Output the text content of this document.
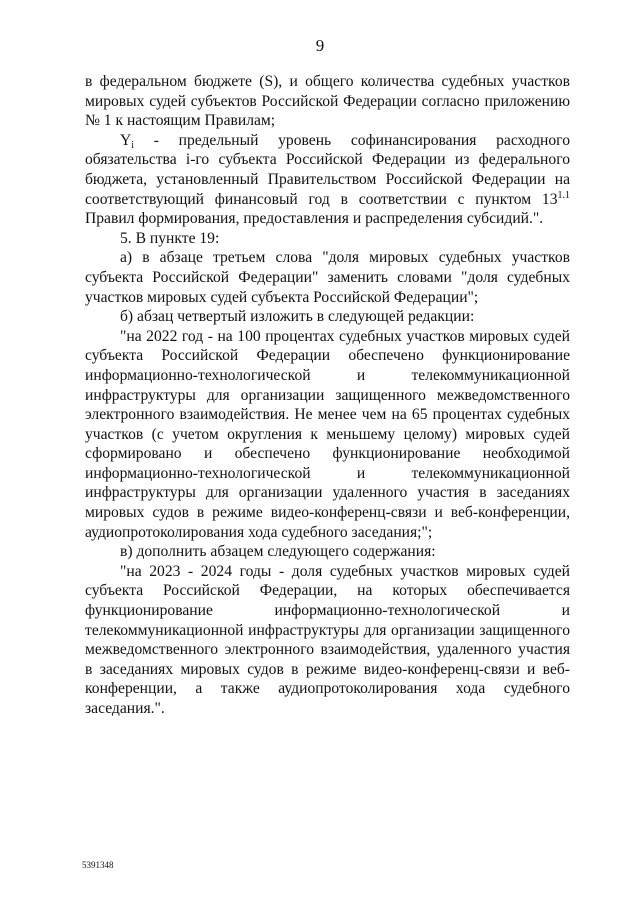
9

в федеральном бюджете (S), и общего количества судебных участков мировых судей субъектов Российской Федерации согласно приложению № 1 к настоящим Правилам;

$Y_i$ - предельный уровень софинансирования расходного обязательства i-го субъекта Российской Федерации из федерального бюджета, установленный Правительством Российской Федерации на соответствующий финансовый год в соответствии с пунктом $13^{1.1}$ Правил формирования, предоставления и распределения субсидий.".

5. В пункте 19:

а) в абзаце третьем слова "доля мировых судебных участков субъекта Российской Федерации" заменить словами "доля судебных участков мировых судей субъекта Российской Федерации";

б) абзац четвертый изложить в следующей редакции:

"на 2022 год - на 100 процентах судебных участков мировых судей субъекта Российской Федерации обеспечено функционирование информационно-технологической и телекоммуникационной инфраструктуры для организации защищенного межведомственного электронного взаимодействия. Не менее чем на 65 процентах судебных участков (с учетом округления к меньшему целому) мировых судей сформировано и обеспечено функционирование необходимой информационно-технологической и телекоммуникационной инфраструктуры для организации удаленного участия в заседаниях мировых судов в режиме видео-конференц-связи и веб-конференции, аудиопротоколирования хода судебного заседания;";

в) дополнить абзацем следующего содержания:

"на 2023 - 2024 годы - доля судебных участков мировых судей субъекта Российской Федерации, на которых обеспечивается функционирование информационно-технологической и телекоммуникационной инфраструктуры для организации защищенного межведомственного электронного взаимодействия, удаленного участия в заседаниях мировых судов в режиме видео-конференц-связи и веб-конференции, а также аудиопротоколирования хода судебного заседания.".

5391348
